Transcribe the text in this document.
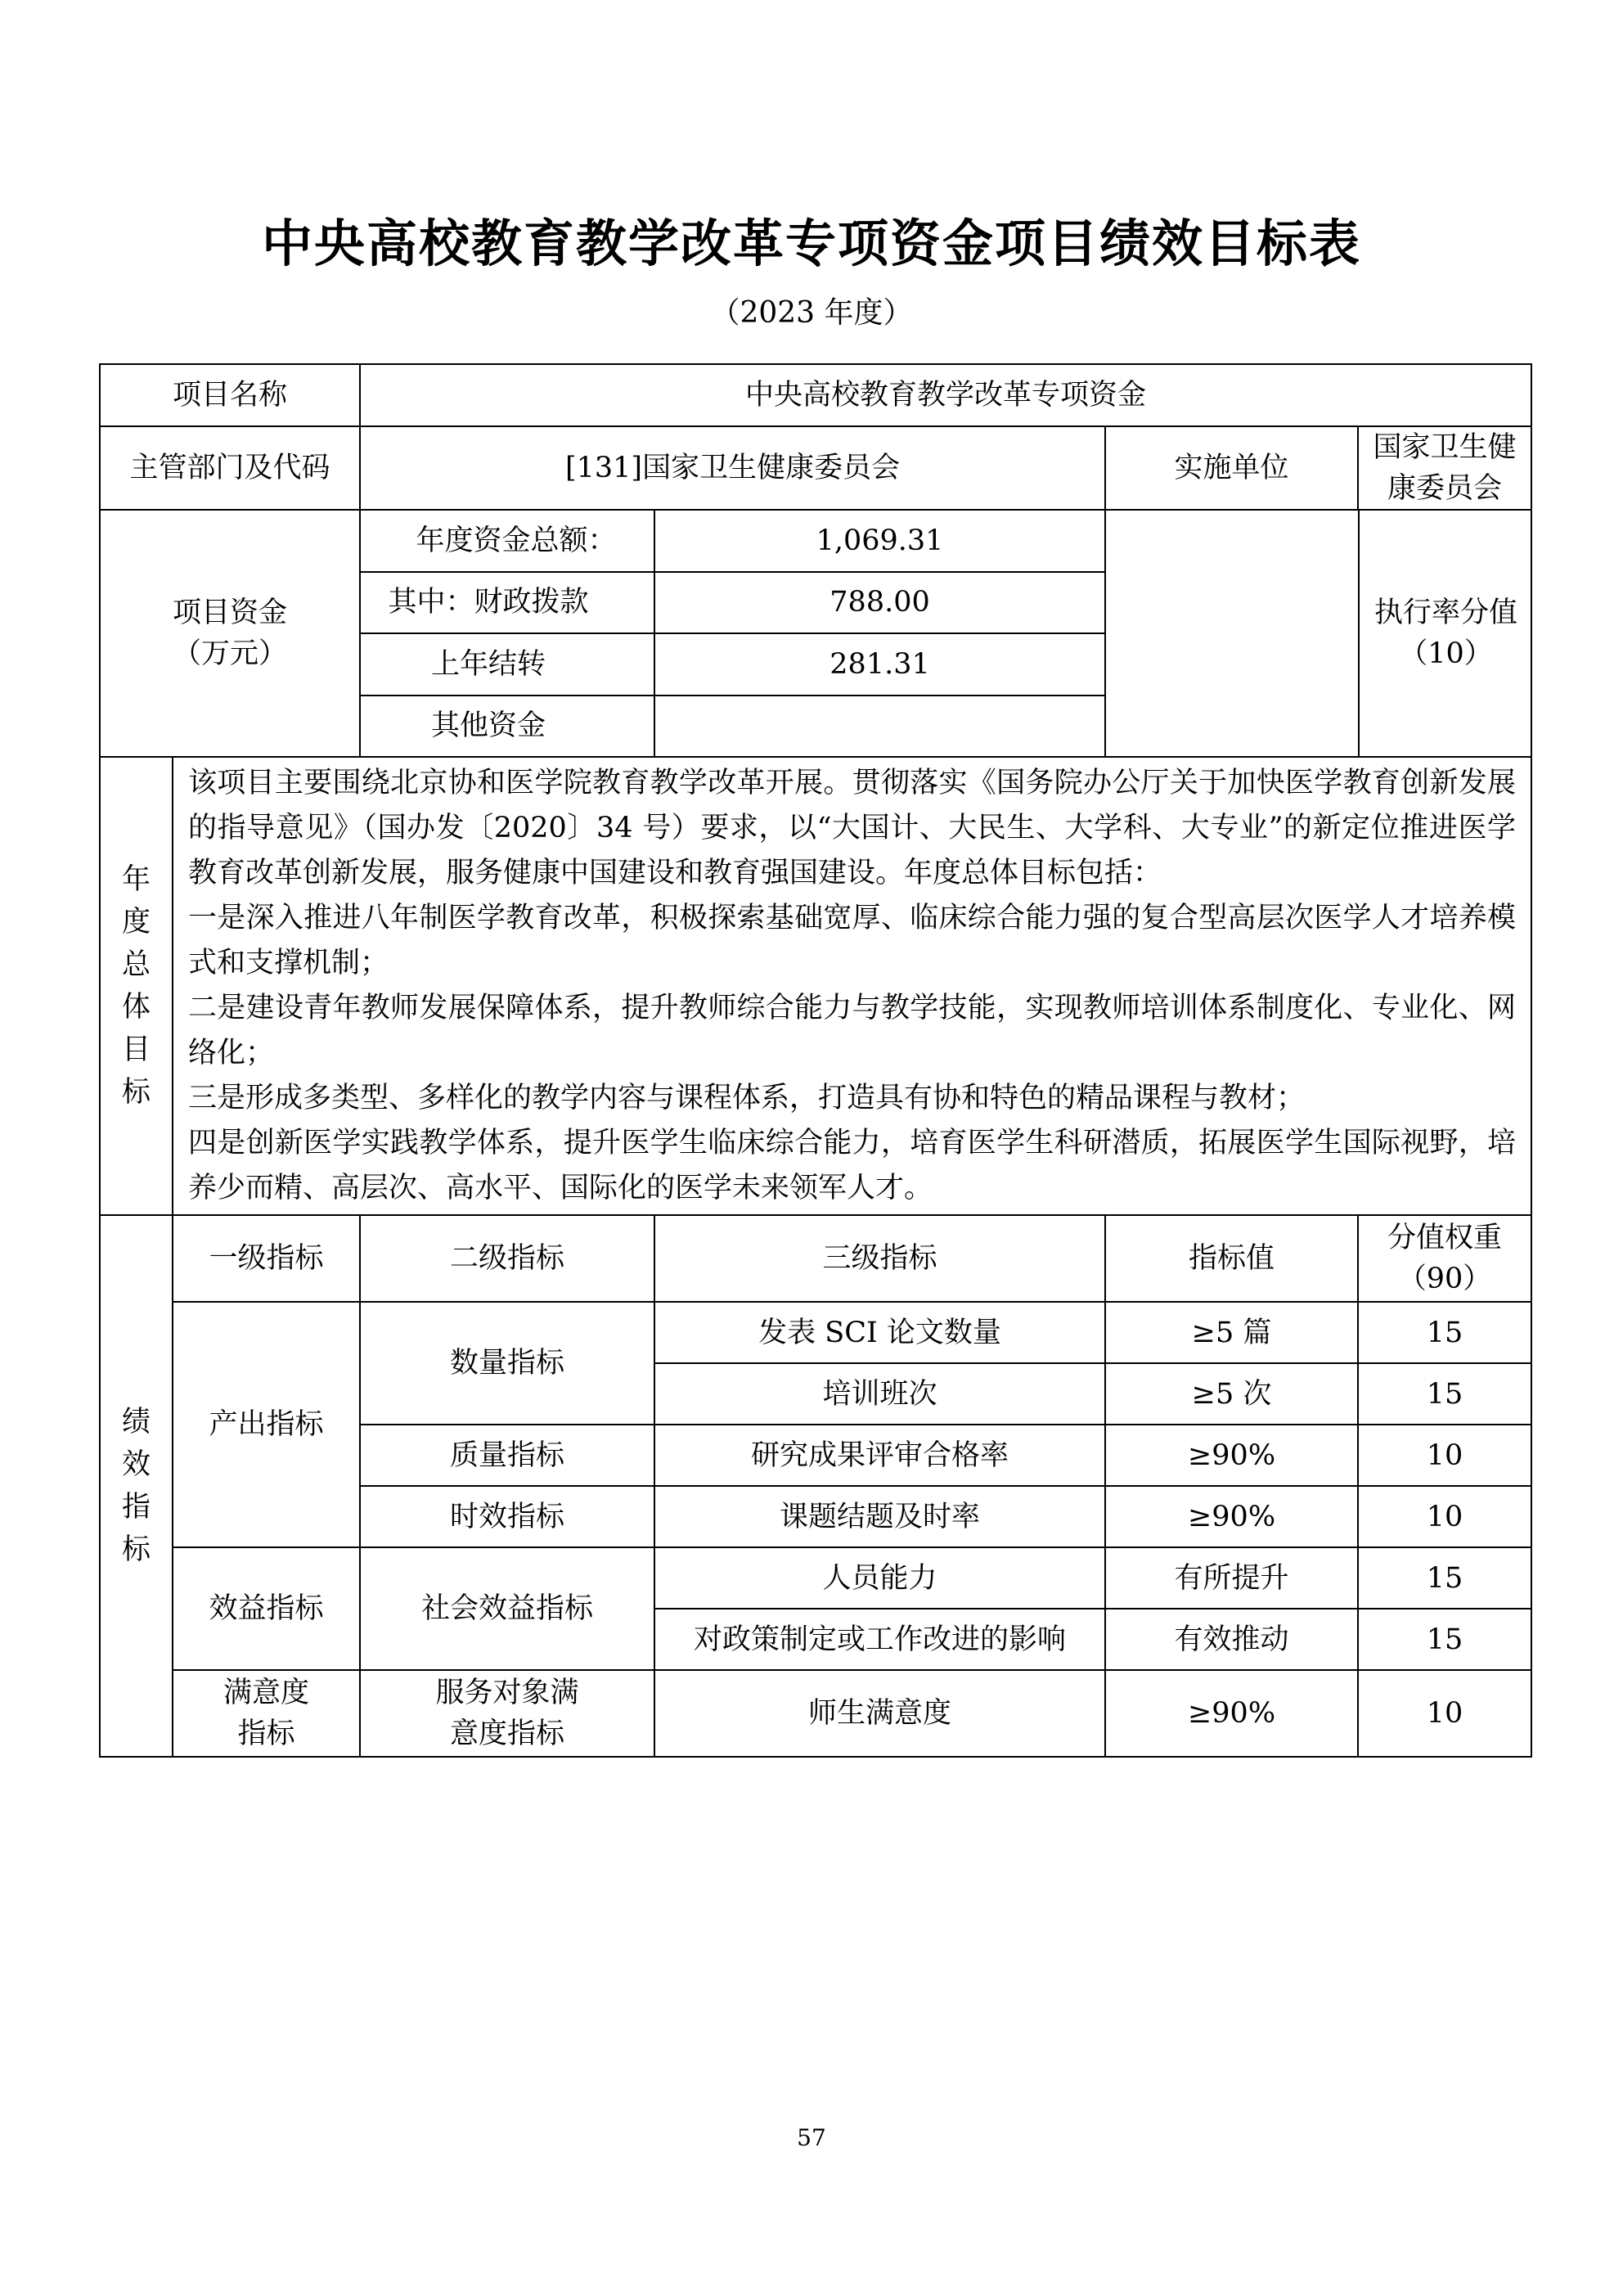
中央高校教育教学改革专项资金项目绩效目标表
（2023 年度）
项目名称	中央高校教育教学改革专项资金
主管部门及代码	[131]国家卫生健康委员会	实施单位	国家卫生健康委员会
项目资金（万元）	年度资金总额：	1,069.31	
	执行率分值（10）

其中：财政拨款	788.00
上年结转	281.31
其他资金	
年度总体目标	

该项目主要围绕北京协和医学院教育教学改革开展。贯彻落实《国务院办公厅关于加快医学教育创新发展的指导意见》（国办发〔2020〕34 号）要求，以“大国计、大民生、大学科、大专业”的新定位推进医学教育改革创新发展，服务健康中国建设和教育强国建设。年度总体目标包括：

一是深入推进八年制医学教育改革，积极探索基础宽厚、临床综合能力强的复合型高层次医学人才培养模式和支撑机制；

二是建设青年教师发展保障体系，提升教师综合能力与教学技能，实现教师培训体系制度化、专业化、网络化；

三是形成多类型、多样化的教学内容与课程体系，打造具有协和特色的精品课程与教材；

四是创新医学实践教学体系，提升医学生临床综合能力，培育医学生科研潜质，拓展医学生国际视野，培养少而精、高层次、高水平、国际化的医学未来领军人才。

绩效指标	一级指标	二级指标	三级指标	指标值	分值权重（90）
产出指标	数量指标	发表 SCI 论文数量	≥5 篇	15
培训班次	≥5 次	15
质量指标	研究成果评审合格率	≥90%	10
时效指标	课题结题及时率	≥90%	10
效益指标	社会效益指标	人员能力	有所提升	15
对政策制定或工作改进的影响	有效推动	15
满意度指标	服务对象满意度指标	师生满意度	≥90%	10
57
